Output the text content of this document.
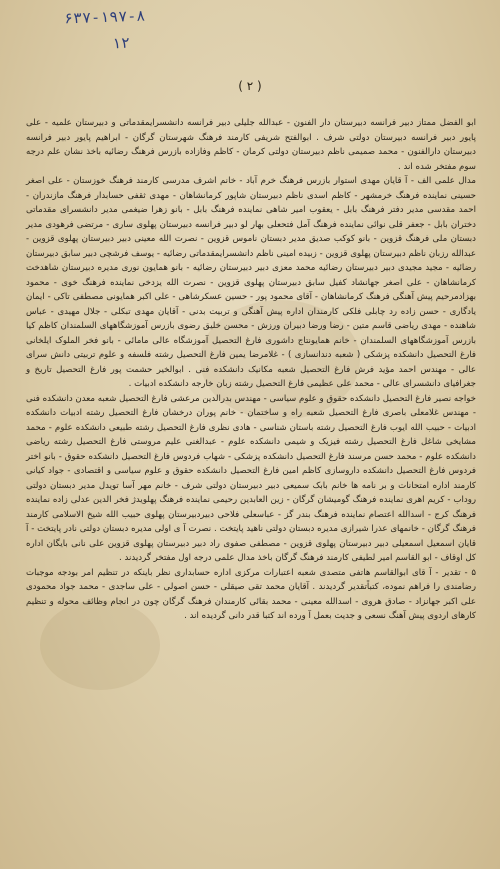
۶۳۷-۱۹۷-۸
۱۲
( ۲ )

ابو الفضل ممتاز دبیر فرانسه دبیرستان دار الفنون - عبدالله جلیلی دبیر فرانسه دانشسرایمقدماتی و دبیرستان علمیه - علی پایور دبیر فرانسه دبیرستان دولتی شرف . ابوالفتح شریفی کارمند فرهنگ شهرستان گرگان - ابراهیم پایور دبیر فرانسه دبیرستان دارالفنون - محمد صمیمی ناظم دبیرستان دولتی کرمان - کاظم وفازاده بازرس فرهنگ رضائیه باخذ نشان علم درجه سوم مفتخر شده اند .

مدال علمی الف - آ قایان مهدی استوار بازرس فرهنگ خرم آباد - خانم اشرف مدرسی کارمند فرهنگ خوزستان - علی اصغر حسینی نماینده فرهنگ خرمشهر - کاظم اسدی ناظم دبیرستان شاپور کرمانشاهان - مهدی ثقفی حسابدار فرهنگ مازندران - احمد مقدسی مدیر دفتر فرهنگ بابل - یعقوب امیر شاهی نماینده فرهنگ بابل - بانو زهرا ضیغمی مدیر دانشسرای مقدماتی دختران بابل - جعفر قلی نوائی نماینده فرهنگ آمل فتحعلی بهار لو دبیر فرانسه دبیرستان پهلوی ساری - مرتضی فرهودی مدیر دبستان ملی فرهنگ قزوین - بانو کوکب صدیق مدیر دبستان ناموس قزوین - نصرت الله معینی دبیر دبیرستان پهلوی قزوین - عبدالله رزبان ناظم دبیرستان پهلوی قزوین - زبیده امینی ناظم دانشسرایمقدماتی رضائیه - یوسف فرشچی دبیر سابق دبیرستان رضائیه - مجید مجیدی دبیر دبیرستان رضائیه محمد معزی دبیر دبیرستان رضائیه - بانو همایون نوری مدیره دبیرستان شاهدخت کرمانشاهان - علی اصغر جهانشاد کفیل سابق دبیرستان پهلوی قزوین - نصرت الله یزدخی نماینده فرهنگ خوی - محمود بهزادمرحیم پیش آهنگی فرهنگ کرمانشاهان - آقای محمود پور - حسین عسکرشاهی - علی اکبر همایونی مصطفی تاکی - ایمان یادگاری - حسن زاده رد چابلی فلکی کارمندان اداره پیش آهنگی و تربیت بدنی - آقایان مهدی تبکلی - جلال مهیدی - عباس شاهنده - مهدی ریاضی قاسم متین - رضا ورضا دبیران ورزش - محسن خلیق رضوی بازرس آموزشگاههای السلمندان کاظم کیا بازرس آموزشگاههای السلمندان - خانم همایونتاج داشوری فارغ التحصیل آموزشگاه عالی مامائی - بانو فخر الملوک ایلخانی فارغ التحصیل دانشکده پزشکی ( شعبه دندانسازی ) - غلامرضا یمین فارغ التحصیل رشته فلسفه و علوم تربیتی دانش سرای عالی - مهندس احمد مؤید فرش فارغ التحصیل شعبه مکانیک دانشکده فنی . ابوالخیر حشمت پور فارغ التحصیل تاریخ و جغرافیای دانشسرای عالی - محمد علی عظیمی فارغ التحصیل رشته زبان خارجه دانشکده ادبیات .

خواجه نصیر فارغ التحصیل دانشکده حقوق و علوم سیاسی - مهندس بدرالدین مرعشی فارغ التحصیل شعبه معدن دانشکده فنی - مهندس غلامعلی باصری فارغ التحصیل شعبه راه و ساختمان - خانم پوران درخشان فارغ التحصیل رشته ادبیات دانشکده ادبیات - حبیب الله ایوب فارغ التحصیل رشته باستان شناسی - هادی نظری فارغ التحصیل رشته طبیعی دانشکده علوم - محمد مشایخی شاغل فارغ التحصیل رشته فیزیک و شیمی دانشکده علوم - عبدالغنی علیم مروستی فارغ التحصیل رشته ریاضی دانشکده علوم - محمد حسن مرسند فارغ التحصیل دانشکده پزشکی - شهاب فردوس فارغ التحصیل دانشکده حقوق - بانو اختر فردوس فارغ التحصیل دانشکده داروسازی کاظم امین فارغ التحصیل دانشکده حقوق و علوم سیاسی و اقتصادی - جواد کیانی کارمند اداره امتحانات و بر نامه ها خانم بابک سمیعی دبیر دبیرستان دولتی شرف - خانم مهر آسا تویدل مدیر دبستان دولتی روداب - کریم اهری نماینده فرهنگ گومیشان گرگان - زین العابدین رحیمی نماینده فرهنگ پهلویدژ فخر الدین عدلی زاده نماینده فرهنگ کرج - اسدالله اعتصام نماینده فرهنگ بندر گز - عباسعلی فلاحی دبیردبیرستان پهلوی حبیب الله شیخ الاسلامی کارمند فرهنگ گرگان - خانمهای عذرا شیرازی مدیره دبستان دولتی ناهید پایتخت . نصرت آ ی اولی مدیره دبستان دولتی نادر پایتخت - آ قایان اسمعیل اسمعیلی دبیر دبیرستان پهلوی قزوین - مصطفی صفوی راد دبیر دبیرستان پهلوی قزوین علی نانی بایگان اداره کل اوقاف - ابو القاسم امیر لطیفی کارمند فرهنگ گرگان باخذ مدال علمی درجه اول مفتخر گردیدند .

۵ - تقدیر - آ قای ابوالقاسم هاتفی متصدی شعبه اعتبارات مرکزی اداره حسابداری نظر باینکه در تنظیم امر بودجه موجبات رضامندی را فراهم نموده، کتباًتقدیر گردیدند . آقایان محمد تقی صیقلی - حسن اصولی - علی ساجدی - محمد جواد محمودی علی اکبر جهانزاد - صادق هروی - اسدالله معینی - محمد بقائی کارمندان فرهنگ گرگان چون در انجام وظائف محوله و تنظیم کارهای اردوی پیش آهنگ نسعی و جدیت بعمل آ ورده اند کتبا قدر دانی گردیده اند .
